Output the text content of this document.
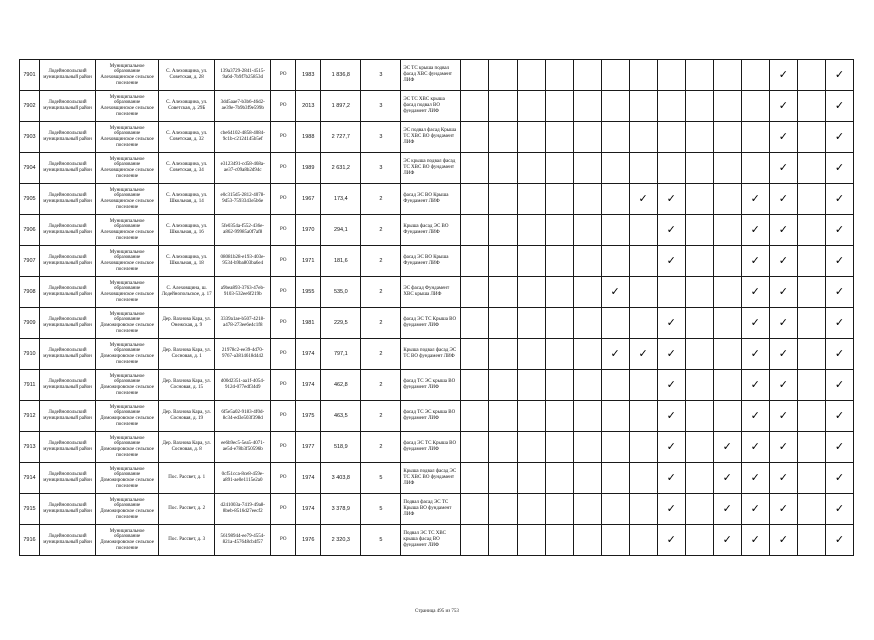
7901	Лодейнопольский муниципальный район	Муниципальное образование Алеховщинское сельское поселение	С. Алеховщина, ул. Советская, д. 28	139a3729-2841-4515-9a6d-7b9f7b25853d	РО	1983	1 836,8	3	ЭС ТС крыша подвал фасад ХВС фундамент ЛИФ												✓		✓
7902	Лодейнопольский муниципальный район	Муниципальное образование Алеховщинское сельское поселение	С. Алеховщина, ул. Советская, д. 29Б	3dd5aae7-b3b6-46d2-ae39e-7b9b3f9e599b	РО	2013	1 897,2	3	ЭС ТС ХВС крыша фасад подвал ВО фундамент ЛИФ												✓		✓
7903	Лодейнопольский муниципальный район	Муниципальное образование Алеховщинское сельское поселение	С. Алеховщина, ул. Советская, д. 32	cbe64102-4858-4084-9c1b-c2124145b5ef	РО	1988	2 727,7	3	ЭС подвал фасад Крыша ТС ХВС ВО фундамент ЛИФ												✓		✓
7904	Лодейнопольский муниципальный район	Муниципальное образование Алеховщинское сельское поселение	С. Алеховщина, ул. Советская, д. 34	e3123491-cd58-468a-ae37-c09a8b2d94c	РО	1989	2 631,2	3	ЭС крыша подвал фасад ТС ХВС ВО фундамент ЛИФ												✓		✓
7905	Лодейнопольский муниципальный район	Муниципальное образование Алеховщинское сельское поселение	С. Алеховщина, ул. Школьная, д. 14	e0c315d5-2812-4078-9d53-7593343e5b6e	РО	1967	173,4	2	фасад ЭС ВО Крыша Фундамент ЛИФ							✓	✓			✓	✓		✓
7906	Лодейнопольский муниципальный район	Муниципальное образование Алеховщинское сельское поселение	С. Алеховщина, ул. Школьная, д. 16	5fe0354a-f552-436e-a862-99985a0f7af8	РО	1970	294,1	2	Крыша фасад ЭС ВО Фундамент ЛИФ								✓			✓	✓		✓
7907	Лодейнопольский муниципальный район	Муниципальное образование Алеховщинское сельское поселение	С. Алеховщина, ул. Школьная, д. 18	08081b28-e193-403e-9534-b9ba803ba6e4	РО	1971	181,6	2	фасад ЭС ВО Крыша Фундамент ЛИФ								✓			✓	✓		✓
7908	Лодейнопольский муниципальный район	Муниципальное образование Алеховщинское сельское поселение	С. Алеховщина, ш. Лодейнопольское, д. 17	a9bea893-3763-47eb-9103-532ee6f219b	РО	1955	535,0	2	ЭС фасад Фундамент ХВС крыша ЛИФ						✓					✓	✓		✓
7909	Лодейнопольский муниципальный район	Муниципальное образование Доможировское сельское поселение	Дер. Вахнова Кара, ул. Онежская, д. 9	3339a1ae-b507-4218-a478-273ee6e4c1f8	РО	1981	229,5	2	фасад ЭС ТС Крыша ВО фундамент ЛИФ								✓			✓	✓		✓
7910	Лодейнопольский муниципальный район	Муниципальное образование Доможировское сельское поселение	Дер. Вахнова Кара, ул. Сосновая, д. 1	21978c2-ee39-4d70-9767-a3814618d442	РО	1974	797,1	2	Крыша подвал фасад ЭС ТС ВО фундамент ЛИФ						✓	✓	✓			✓	✓		✓
7911	Лодейнопольский муниципальный район	Муниципальное образование Доможировское сельское поселение	Дер. Вахнова Кара, ул. Сосновая, д. 15	d00d2351-aa1f-4054-912d-077edf34d9	РО	1974	462,8	2	фасад ТС ЭС крыша ВО фундамент ЛИФ								✓			✓	✓		✓
7912	Лодейнопольский муниципальный район	Муниципальное образование Доможировское сельское поселение	Дер. Вахнова Кара, ул. Сосновая, д. 19	6f5e5a02-9183-4f0d-8c34-ed3e503f398d	РО	1975	463,5	2	фасад ТС ЭС крыша ВО фундамент ЛИФ								✓			✓	✓		✓
7913	Лодейнопольский муниципальный район	Муниципальное образование Доможировское сельское поселение	Дер. Вахнова Кара, ул. Сосновая, д. 8	ee6b9ec5-5ea5-4071-ae5d-e78b3f50596b	РО	1977	518,9	2	фасад ЭС ТС Крыша ВО фундамент ЛИФ								✓		✓	✓	✓		✓
7914	Лодейнопольский муниципальный район	Муниципальное образование Доможировское сельское поселение	Пос. Рассвет, д. 1	0cf51cca-8ce8-459e-a891-ae0e1115e2a0	РО	1974	3 403,8	5	Крыша подвал фасад ЭС ТС ХВС ВО фундамент ЛИФ								✓		✓	✓	✓		✓
7915	Лодейнопольский муниципальный район	Муниципальное образование Доможировское сельское поселение	Пос. Рассвет, д. 2	d241003a-7419-49a8-8beb-8516d27eecf2	РО	1974	3 378,9	5	Подвал фасад ЭС ТС Крыша ВО фундамент ЛИФ								✓		✓	✓	✓		✓
7916	Лодейнопольский муниципальный район	Муниципальное образование Доможировское сельское поселение	Пос. Рассвет, д. 3	56198944-ee79-4554-821a-457648cb4f57	РО	1976	2 320,3	5	Подвал ЭС ТС ХВС крыша фасад ВО фундамент ЛИФ								✓		✓	✓	✓		✓
Страница 495 из 753
